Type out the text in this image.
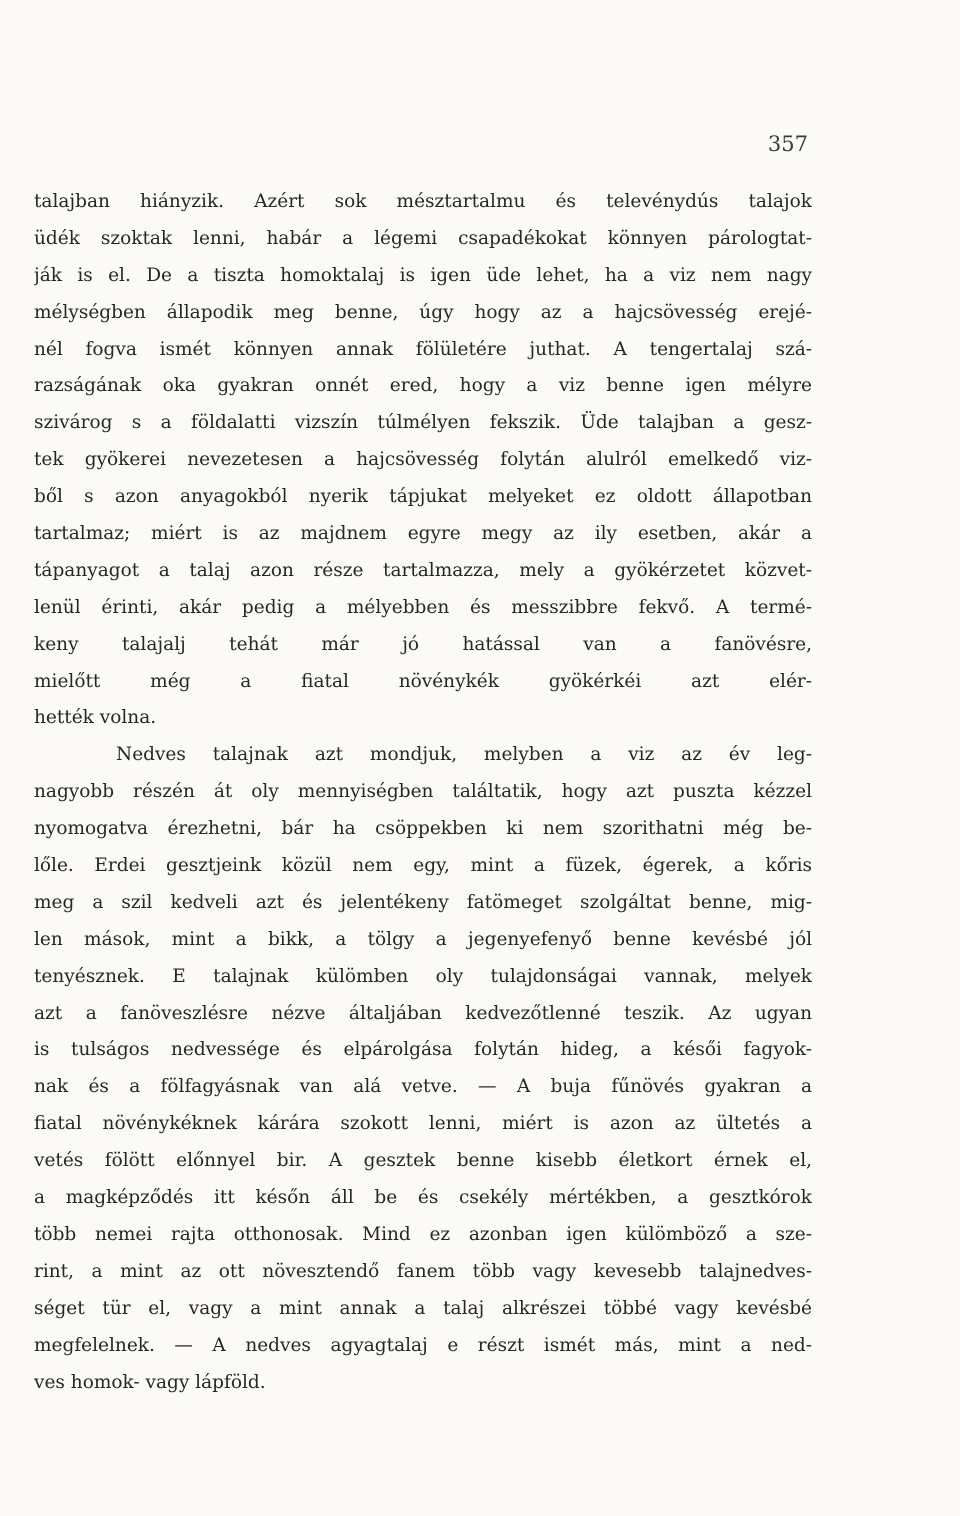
357
talajban hiányzik. Azért sok mésztartalmu és televénydús talajok
üdék szoktak lenni, habár a légemi csapadékokat könnyen párologtat-
ják is el. De a tiszta homoktalaj is igen üde lehet, ha a viz nem nagy
mélységben állapodik meg benne, úgy hogy az a hajcsövesség erejé-
nél fogva ismét könnyen annak fölületére juthat. A tengertalaj szá-
razságának oka gyakran onnét ered, hogy a viz benne igen mélyre
szivárog s a földalatti vizszín túlmélyen fekszik. Üde talajban a gesz-
tek gyökerei nevezetesen a hajcsövesség folytán alulról emelkedő viz-
ből s azon anyagokból nyerik tápjukat melyeket ez oldott állapotban
tartalmaz; miért is az majdnem egyre megy az ily esetben, akár a
tápanyagot a talaj azon része tartalmazza, mely a gyökérzetet közvet-
lenül érinti, akár pedig a mélyebben és messzibbre fekvő. A termé-
keny talajalj tehát már jó hatással van a fanövésre,
mielőtt még a fiatal növénykék gyökérkéi azt elér-
hették volna.
Nedves talajnak azt mondjuk, melyben a viz az év leg-
nagyobb részén át oly mennyiségben találtatik, hogy azt puszta kézzel
nyomogatva érezhetni, bár ha csöppekben ki nem szorithatni még be-
lőle. Erdei gesztjeink közül nem egy, mint a füzek, égerek, a kőris
meg a szil kedveli azt és jelentékeny fatömeget szolgáltat benne, mig-
len mások, mint a bikk, a tölgy a jegenyefenyő benne kevésbé jól
tenyésznek. E talajnak külömben oly tulajdonságai vannak, melyek
azt a fanöveszlésre nézve általjában kedvezőtlenné teszik. Az ugyan
is tulságos nedvessége és elpárolgása folytán hideg, a késői fagyok-
nak és a fölfagyásnak van alá vetve. — A buja fűnövés gyakran a
fiatal növénykéknek kárára szokott lenni, miért is azon az ültetés a
vetés fölött előnnyel bir. A gesztek benne kisebb életkort érnek el,
a magképződés itt későn áll be és csekély mértékben, a gesztkórok
több nemei rajta otthonosak. Mind ez azonban igen külömböző a sze-
rint, a mint az ott növesztendő fanem több vagy kevesebb talajnedves-
séget tür el, vagy a mint annak a talaj alkrészei többé vagy kevésbé
megfelelnek. — A nedves agyagtalaj e részt ismét más, mint a ned-
ves homok- vagy lápföld.
